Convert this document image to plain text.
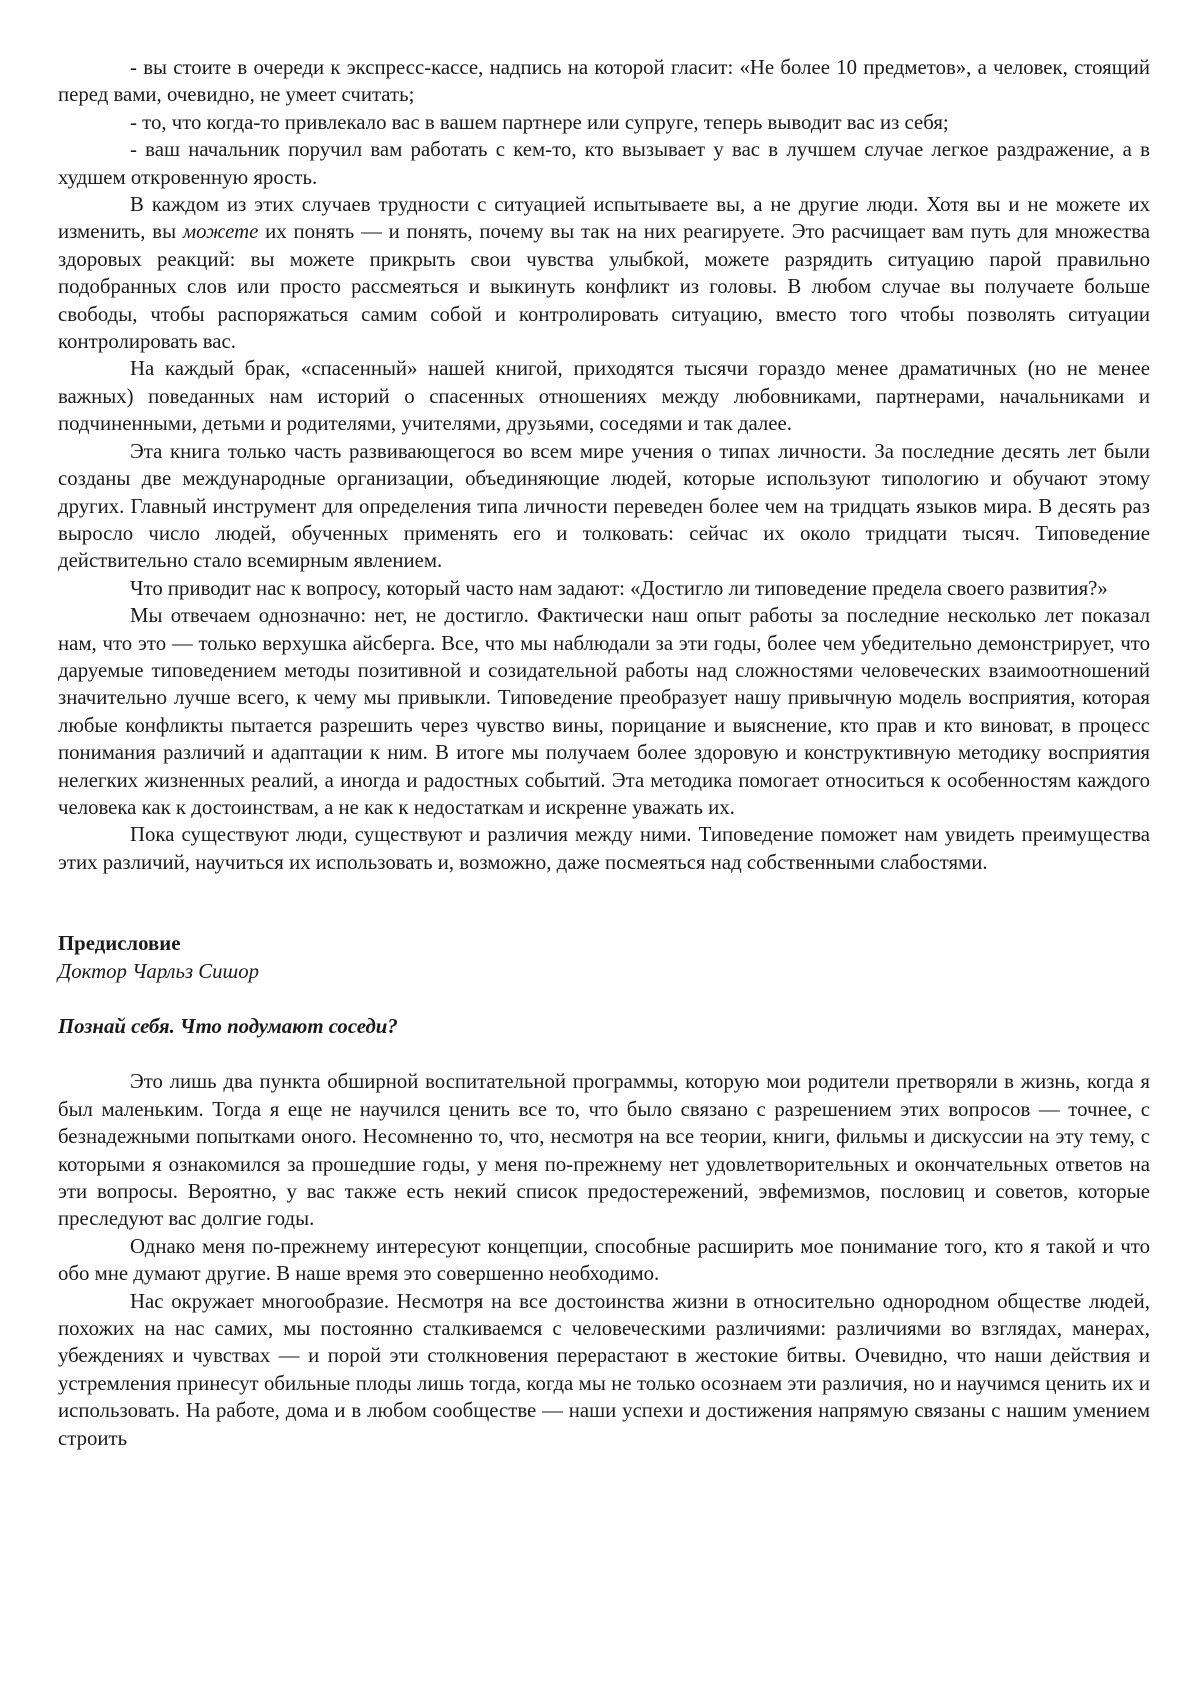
- вы стоите в очереди к экспресс-кассе, надпись на которой гласит: «Не более 10 предметов», а человек, стоящий перед вами, очевидно, не умеет считать;

- то, что когда-то привлекало вас в вашем партнере или супруге, теперь выводит вас из себя;

- ваш начальник поручил вам работать с кем-то, кто вызывает у вас в лучшем случае легкое раздражение, а в худшем откровенную ярость.

В каждом из этих случаев трудности с ситуацией испытываете вы, а не другие люди. Хотя вы и не можете их изменить, вы можете их понять — и понять, почему вы так на них реагируете. Это расчищает вам путь для множества здоровых реакций: вы можете прикрыть свои чувства улыбкой, можете разрядить ситуацию парой правильно подобранных слов или просто рассмеяться и выкинуть конфликт из головы. В любом случае вы получаете больше свободы, чтобы распоряжаться самим собой и контролировать ситуацию, вместо того чтобы позволять ситуации контролировать вас.

На каждый брак, «спасенный» нашей книгой, приходятся тысячи гораздо менее драматичных (но не менее важных) поведанных нам историй о спасенных отношениях между любовниками, партнерами, начальниками и подчиненными, детьми и родителями, учителями, друзьями, соседями и так далее.

Эта книга только часть развивающегося во всем мире учения о типах личности. За последние десять лет были созданы две международные организации, объединяющие людей, которые используют типологию и обучают этому других. Главный инструмент для определения типа личности переведен более чем на тридцать языков мира. В десять раз выросло число людей, обученных применять его и толковать: сейчас их около тридцати тысяч. Типоведение действительно стало всемирным явлением.

Что приводит нас к вопросу, который часто нам задают: «Достигло ли типоведение предела своего развития?»

Мы отвечаем однозначно: нет, не достигло. Фактически наш опыт работы за последние несколько лет показал нам, что это — только верхушка айсберга. Все, что мы наблюдали за эти годы, более чем убедительно демонстрирует, что даруемые типоведением методы позитивной и созидательной работы над сложностями человеческих взаимоотношений значительно лучше всего, к чему мы привыкли. Типоведение преобразует нашу привычную модель восприятия, которая любые конфликты пытается разрешить через чувство вины, порицание и выяснение, кто прав и кто виноват, в процесс понимания различий и адаптации к ним. В итоге мы получаем более здоровую и конструктивную методику восприятия нелегких жизненных реалий, а иногда и радостных событий. Эта методика помогает относиться к особенностям каждого человека как к достоинствам, а не как к недостаткам и искренне уважать их.

Пока существуют люди, существуют и различия между ними. Типоведение поможет нам увидеть преимущества этих различий, научиться их использовать и, возможно, даже посмеяться над собственными слабостями.

Предисловие

Доктор Чарльз Сишор

Познай себя. Что подумают соседи?

Это лишь два пункта обширной воспитательной программы, которую мои родители претворяли в жизнь, когда я был маленьким. Тогда я еще не научился ценить все то, что было связано с разрешением этих вопросов — точнее, с безнадежными попытками оного. Несомненно то, что, несмотря на все теории, книги, фильмы и дискуссии на эту тему, с которыми я ознакомился за прошедшие годы, у меня по-прежнему нет удовлетворительных и окончательных ответов на эти вопросы. Вероятно, у вас также есть некий список предостережений, эвфемизмов, пословиц и советов, которые преследуют вас долгие годы.

Однако меня по-прежнему интересуют концепции, способные расширить мое понимание того, кто я такой и что обо мне думают другие. В наше время это совершенно необходимо.

Нас окружает многообразие. Несмотря на все достоинства жизни в относительно однородном обществе людей, похожих на нас самих, мы постоянно сталкиваемся с человеческими различиями: различиями во взглядах, манерах, убеждениях и чувствах — и порой эти столкновения перерастают в жестокие битвы. Очевидно, что наши действия и устремления принесут обильные плоды лишь тогда, когда мы не только осознаем эти различия, но и научимся ценить их и использовать. На работе, дома и в любом сообществе — наши успехи и достижения напрямую связаны с нашим умением строить
